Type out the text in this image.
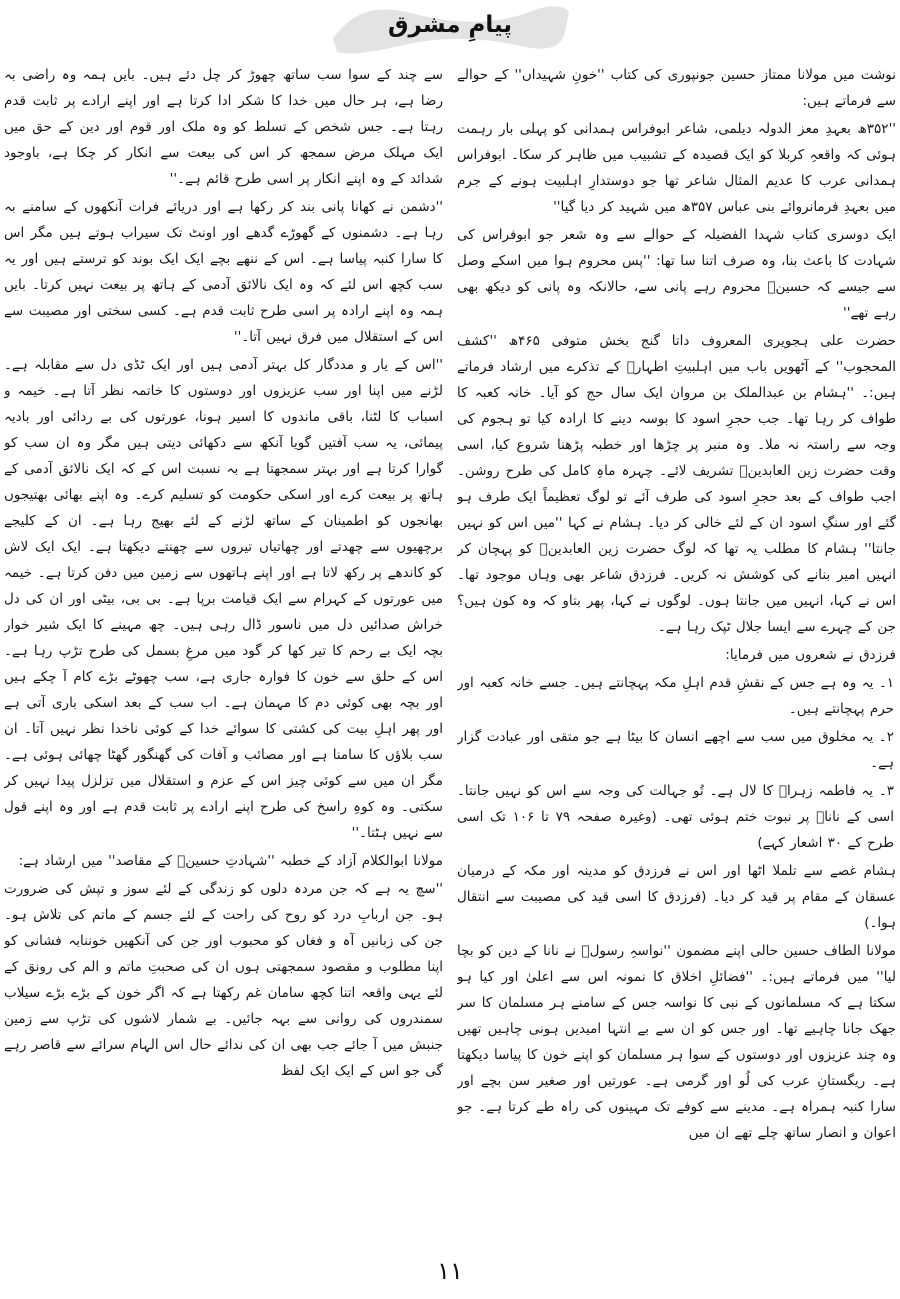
پیامِ مشرق

نوشت میں مولانا ممتاز حسین جونپوری کی کتاب ''خونِ شہیداں'' کے حوالے سے فرماتے ہیں:

''۳۵۲ھ بعہدِ معز الدولہ دیلمی، شاعر ابوفراس ہمدانی کو پہلی بار رہمت ہوئی کہ واقعہِ کربلا کو ایک قصیدہ کے تشبیب میں ظاہر کر سکا۔ ابوفراس ہمدانی عرب کا عدیم المثال شاعر تھا جو دوستدارِ اہلبیت ہونے کے جرم میں بعہدِ فرمانروائے بنی عباس ۳۵۷ھ میں شہید کر دیا گیا''

ایک دوسری کتاب شہدا الفضیلہ کے حوالے سے وہ شعر جو ابوفراس کی شہادت کا باعث بنا، وہ صرف اتنا سا تھا: ''پس محروم ہوا میں اسکے وصل سے جیسے کہ حسینؑ محروم رہے پانی سے، حالانکہ وہ پانی کو دیکھ بھی رہے تھے''

حضرت علی ہجویری المعروف داتا گنج بخش متوفی ۴۶۵ھ ''کشف المحجوب'' کے آٹھویں باب میں اہلبیتِ اطہارؑ کے تذکرے میں ارشاد فرماتے ہیں:۔ ''ہشام بن عبدالملک بن مروان ایک سال حج کو آیا۔ خانہ کعبہ کا طواف کر رہا تھا۔ جب حجرِ اسود کا بوسہ دینے کا ارادہ کیا تو ہجوم کی وجہ سے راستہ نہ ملا۔ وہ منبر پر چڑھا اور خطبہ پڑھنا شروع کیا، اسی وقت حضرت زین العابدینؑ تشریف لائے۔ چہرہ ماہِ کامل کی طرح روشن۔ اجب طواف کے بعد حجرِ اسود کی طرف آئے تو لوگ تعظیماً ایک طرف ہو گئے اور سنگِ اسود ان کے لئے خالی کر دیا۔ ہشام نے کہا ''میں اس کو نہیں جانتا'' ہشام کا مطلب یہ تھا کہ لوگ حضرت زین العابدینؑ کو پہچان کر انہیں امیر بنانے کی کوشش نہ کریں۔ فرزدق شاعر بھی وہاں موجود تھا۔ اس نے کہا، انہیں میں جانتا ہوں۔ لوگوں نے کہا، پھر بتاو کہ وہ کون ہیں؟ جن کے چہرے سے ایسا جلال ٹپک رہا ہے۔

فرزدق نے شعروں میں فرمایا:

۱۔ یہ وہ ہے جس کے نقشِ قدم اہلِ مکہ پہچانتے ہیں۔ جسے خانہ کعبہ اور حرم پہچانتے ہیں۔

۲۔ یہ مخلوق میں سب سے اچھے انسان کا بیٹا ہے جو متقی اور عبادت گزار ہے۔

۳۔ یہ فاطمہ زہراؑ کا لال ہے۔ تُو جہالت کی وجہ سے اس کو نہیں جانتا۔ اسی کے ناناؐ پر نبوت ختم ہوئی تھی۔ (وغیرہ صفحہ ۷۹ تا ۱۰۶ تک اسی طرح کے ۳۰ اشعار کہے)

ہشام غصے سے تلملا اٹھا اور اس نے فرزدق کو مدینہ اور مکہ کے درمیان عسقان کے مقام پر قید کر دیا۔ (فرزدق کا اسی قید کی مصیبت سے انتقال ہوا۔)

مولانا الطاف حسین حالی اپنے مضمون ''نواسہِ رسولؐ نے نانا کے دین کو بچا لیا'' میں فرماتے ہیں:۔ ''فضائلِ اخلاق کا نمونہ اس سے اعلیٰ اور کیا ہو سکتا ہے کہ مسلمانوں کے نبی کا نواسہ جس کے سامنے ہر مسلمان کا سر جھک جانا چاہیے تھا۔ اور جس کو ان سے بے انتہا امیدیں ہونی چاہیں تھیں وہ چند عزیزوں اور دوستوں کے سوا ہر مسلمان کو اپنے خون کا پیاسا دیکھتا ہے۔ ریگستانِ عرب کی لُو اور گرمی ہے۔ عورتیں اور صغیر سن بچے اور سارا کنبہ ہمراہ ہے۔ مدینے سے کوفے تک مہینوں کی راہ طے کرتا ہے۔ جو اعوان و انصار ساتھ چلے تھے ان میں

سے چند کے سوا سب ساتھ چھوڑ کر چل دئے ہیں۔ بایں ہمہ وہ راضی بہ رضا ہے، ہر حال میں خدا کا شکر ادا کرتا ہے اور اپنے ارادے پر ثابت قدم رہتا ہے۔ جس شخص کے تسلط کو وہ ملک اور قوم اور دین کے حق میں ایک مہلک مرض سمجھ کر اس کی بیعت سے انکار کر چکا ہے، باوجود شدائد کے وہ اپنے انکار پر اسی طرح قائم ہے۔''

''دشمن نے کھانا پانی بند کر رکھا ہے اور دریائے فرات آنکھوں کے سامنے بہ رہا ہے۔ دشمنوں کے گھوڑے گدھے اور اونٹ تک سیراب ہوتے ہیں مگر اس کا سارا کنبہ پیاسا ہے۔ اس کے ننھے بچے ایک ایک بوند کو ترستے ہیں اور یہ سب کچھ اس لئے کہ وہ ایک نالائق آدمی کے ہاتھ پر بیعت نہیں کرتا۔ بایں ہمہ وہ اپنے ارادہ پر اسی طرح ثابت قدم ہے۔ کسی سختی اور مصیبت سے اس کے استقلال میں فرق نہیں آتا۔''

''اس کے یار و مددگار کل بہتر آدمی ہیں اور ایک ٹڈی دل سے مقابلہ ہے۔ لڑنے میں اپنا اور سب عزیزوں اور دوستوں کا خاتمہ نظر آتا ہے۔ خیمہ و اسباب کا لٹنا، باقی ماندوں کا اسیر ہونا، عورتوں کی بے ردائی اور بادیہ پیمائی، یہ سب آفتیں گویا آنکھ سے دکھائی دیتی ہیں مگر وہ ان سب کو گوارا کرتا ہے اور بہتر سمجھتا ہے بہ نسبت اس کے کہ ایک نالائق آدمی کے ہاتھ پر بیعت کرے اور اسکی حکومت کو تسلیم کرے۔ وہ اپنے بھائی بھتیجوں بھانجوں کو اطمینان کے ساتھ لڑنے کے لئے بھیج رہا ہے۔ ان کے کلیجے برچھیوں سے چھدتے اور چھاتیاں تیروں سے چھنتے دیکھتا ہے۔ ایک ایک لاش کو کاندھے پر رکھ لاتا ہے اور اپنے ہاتھوں سے زمین میں دفن کرتا ہے۔ خیمہ میں عورتوں کے کہرام سے ایک قیامت برپا ہے۔ بی بی، بیٹی اور ان کی دل خراش صدائیں دل میں ناسور ڈال رہی ہیں۔ چھ مہینے کا ایک شیر خوار بچہ ایک بے رحم کا تیر کھا کر گود میں مرغِ بسمل کی طرح تڑپ رہا ہے۔ اس کے حلق سے خون کا فوارہ جاری ہے، سب چھوٹے بڑے کام آ چکے ہیں اور بچہ بھی کوئی دم کا مہمان ہے۔ اب سب کے بعد اسکی باری آتی ہے اور پھر اہلِ بیت کی کشتی کا سوائے خدا کے کوئی ناخدا نظر نہیں آتا۔ ان سب بلاؤں کا سامنا ہے اور مصائب و آفات کی گھنگور گھٹا چھائی ہوئی ہے۔ مگر ان میں سے کوئی چیز اس کے عزم و استقلال میں تزلزل پیدا نہیں کر سکتی۔ وہ کوہِ راسخ کی طرح اپنے ارادے پر ثابت قدم ہے اور وہ اپنے قول سے نہیں ہٹتا۔''

مولانا ابوالکلام آزاد کے خطبہ ''شہادتِ حسینؑ کے مقاصد'' میں ارشاد ہے:

''سچ یہ ہے کہ جن مردہ دلوں کو زندگی کے لئے سوز و تپش کی ضرورت ہو۔ جن اربابِ درد کو روح کی راحت کے لئے جسم کے ماتم کی تلاش ہو۔ جن کی زبانیں آہ و فغاں کو محبوب اور جن کی آنکھیں خوننابہ فشانی کو اپنا مطلوب و مقصود سمجھتی ہوں ان کی صحبتِ ماتم و الم کی رونق کے لئے یہی واقعہ اتنا کچھ سامان غم رکھتا ہے کہ اگر خون کے بڑے بڑے سیلاب سمندروں کی روانی سے بہہ جائیں۔ بے شمار لاشوں کی تڑپ سے زمین جنبش میں آ جائے جب بھی ان کی ندائے حال اس الہام سرائے سے قاصر رہے گی جو اس کے ایک ایک لفظ

۱۱
